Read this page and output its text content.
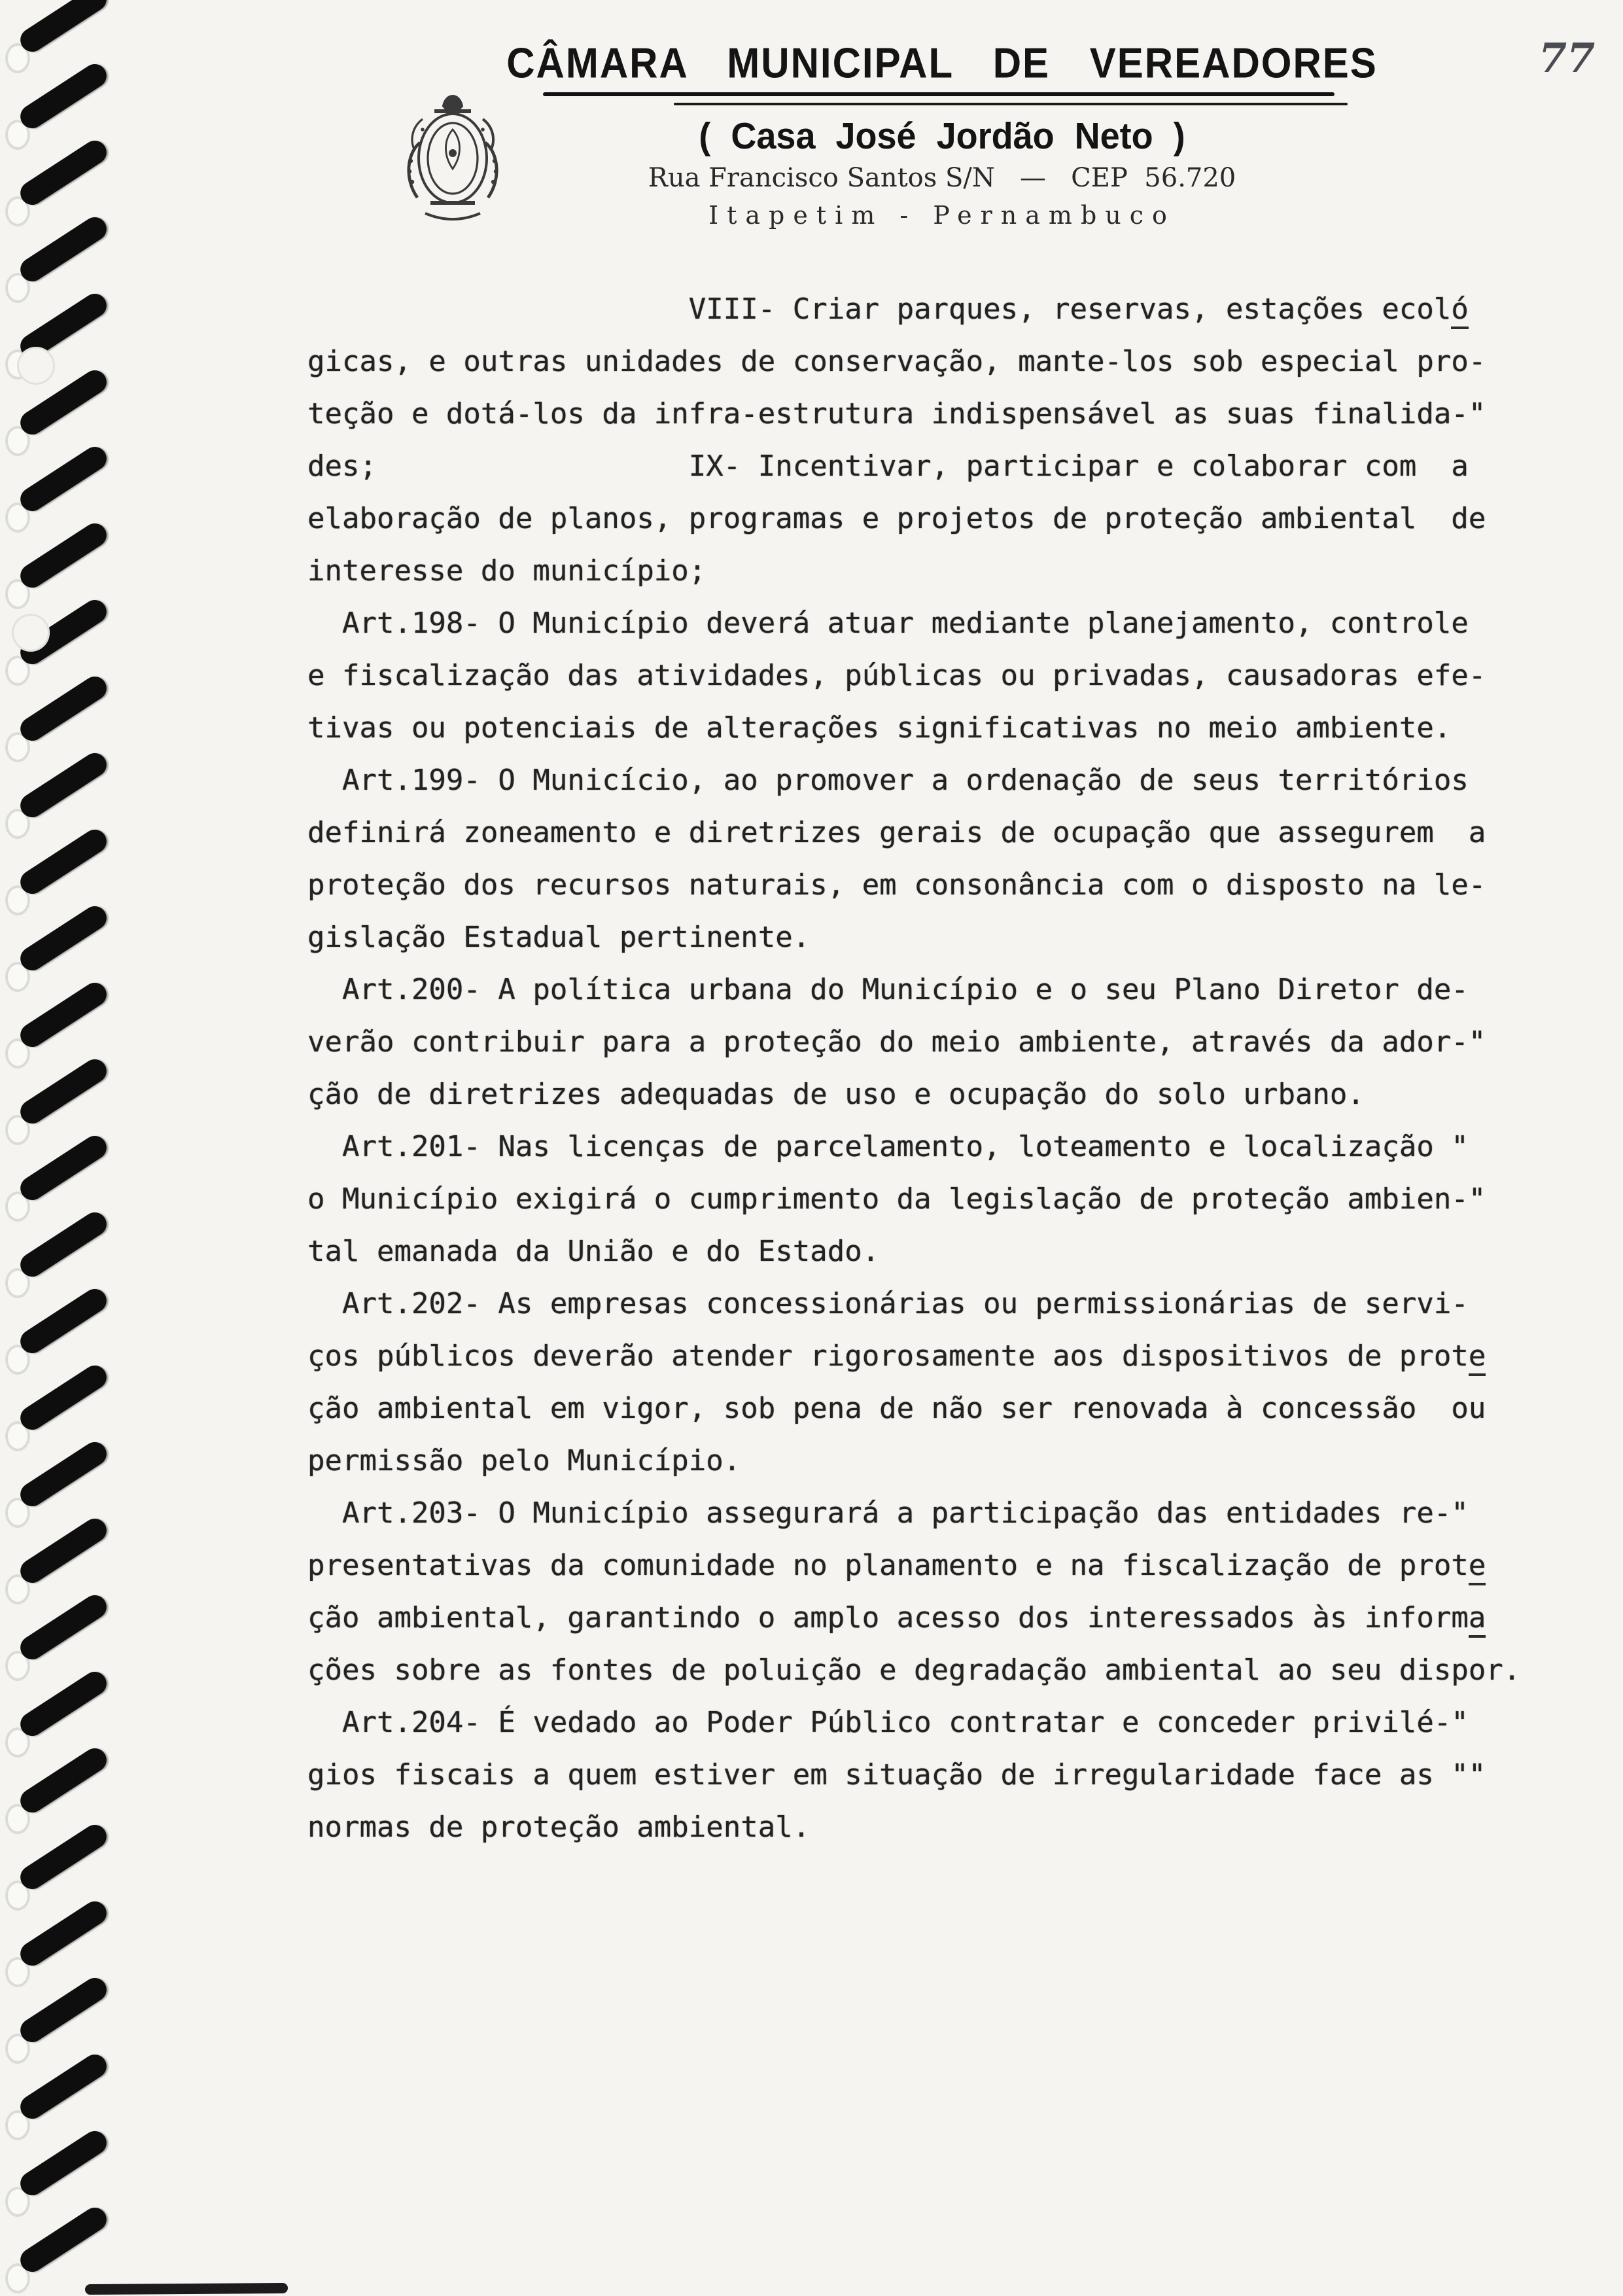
CÂMARA MUNICIPAL DE VEREADORES
( Casa José Jordão Neto )
Rua Francisco Santos S/N   —   CEP  56.720
Itapetim - Pernambuco
77
VIII- Criar parques, reservas, estações ecoló
gicas, e outras unidades de conservação, mante-los sob especial pro-
teção e dotá-los da infra-estrutura indispensável as suas finalida-"
des;                  IX- Incentivar, participar e colaborar com  a
elaboração de planos, programas e projetos de proteção ambiental  de
interesse do município;
Art.198- O Município deverá atuar mediante planejamento, controle
e fiscalização das atividades, públicas ou privadas, causadoras efe-
tivas ou potenciais de alterações significativas no meio ambiente.
Art.199- O Municício, ao promover a ordenação de seus territórios
definirá zoneamento e diretrizes gerais de ocupação que assegurem  a
proteção dos recursos naturais, em consonância com o disposto na le-
gislação Estadual pertinente.
Art.200- A política urbana do Município e o seu Plano Diretor de-
verão contribuir para a proteção do meio ambiente, através da ador-"
ção de diretrizes adequadas de uso e ocupação do solo urbano.
Art.201- Nas licenças de parcelamento, loteamento e localização "
o Município exigirá o cumprimento da legislação de proteção ambien-"
tal emanada da União e do Estado.
Art.202- As empresas concessionárias ou permissionárias de servi-
ços públicos deverão atender rigorosamente aos dispositivos de prote
ção ambiental em vigor, sob pena de não ser renovada à concessão  ou
permissão pelo Município.
Art.203- O Município assegurará a participação das entidades re-"
presentativas da comunidade no planamento e na fiscalização de prote
ção ambiental, garantindo o amplo acesso dos interessados às informa
ções sobre as fontes de poluição e degradação ambiental ao seu dispor.
Art.204- É vedado ao Poder Público contratar e conceder privilé-"
gios fiscais a quem estiver em situação de irregularidade face as ""
normas de proteção ambiental.
